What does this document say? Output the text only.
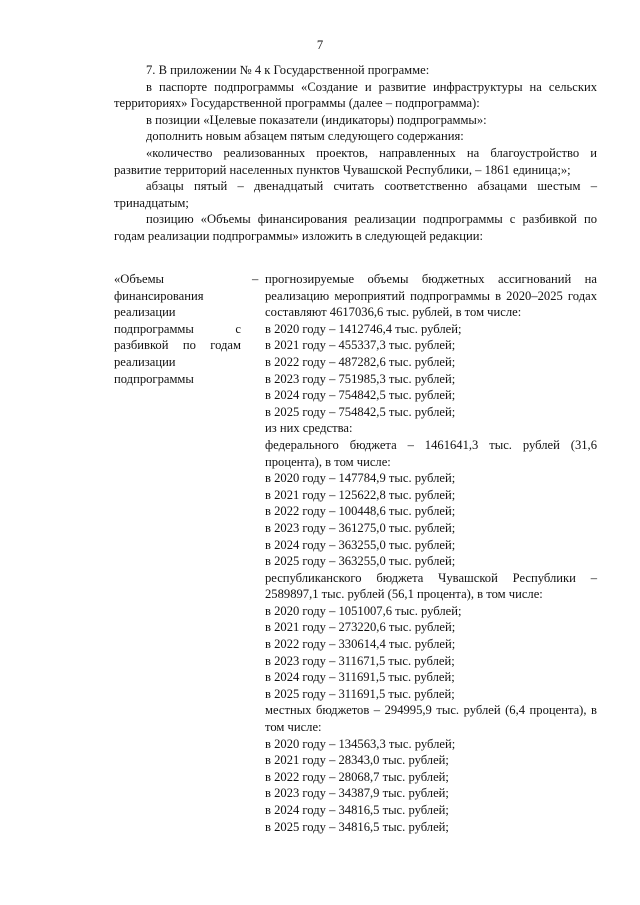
7

7. В приложении № 4 к Государственной программе:

в паспорте подпрограммы «Создание и развитие инфраструктуры на сельских территориях» Государственной программы (далее – подпрограмма):

в позиции «Целевые показатели (индикаторы) подпрограммы»:

дополнить новым абзацем пятым следующего содержания:

«количество реализованных проектов, направленных на благоустройство и развитие территорий населенных пунктов Чувашской Республики, – 1861 единица;»;

абзацы пятый – двенадцатый считать соответственно абзацами шестым – тринадцатым;

позицию «Объемы финансирования реализации подпрограммы с разбивкой по годам реализации подпрограммы» изложить в следующей редакции:

«Объемы финансирования реализации подпрограммы с разбивкой по годам реализации подпрограммы
– прогнозируемые объемы бюджетных ассигнований на реализацию мероприятий подпрограммы в 2020–2025 годах составляют 4617036,6 тыс. рублей, в том числе:

в 2020 году – 1412746,4 тыс. рублей;

в 2021 году – 455337,3 тыс. рублей;

в 2022 году – 487282,6 тыс. рублей;

в 2023 году – 751985,3 тыс. рублей;

в 2024 году – 754842,5 тыс. рублей;

в 2025 году – 754842,5 тыс. рублей;

из них средства:

федерального бюджета – 1461641,3 тыс. рублей (31,6 процента), в том числе:

в 2020 году – 147784,9 тыс. рублей;

в 2021 году – 125622,8 тыс. рублей;

в 2022 году – 100448,6 тыс. рублей;

в 2023 году – 361275,0 тыс. рублей;

в 2024 году – 363255,0 тыс. рублей;

в 2025 году – 363255,0 тыс. рублей;

республиканского бюджета Чувашской Республики – 2589897,1 тыс. рублей (56,1 процента), в том числе:

в 2020 году – 1051007,6 тыс. рублей;

в 2021 году – 273220,6 тыс. рублей;

в 2022 году – 330614,4 тыс. рублей;

в 2023 году – 311671,5 тыс. рублей;

в 2024 году – 311691,5 тыс. рублей;

в 2025 году – 311691,5 тыс. рублей;

местных бюджетов – 294995,9 тыс. рублей (6,4 процента), в том числе:

в 2020 году – 134563,3 тыс. рублей;

в 2021 году – 28343,0 тыс. рублей;

в 2022 году – 28068,7 тыс. рублей;

в 2023 году – 34387,9 тыс. рублей;

в 2024 году – 34816,5 тыс. рублей;

в 2025 году – 34816,5 тыс. рублей;
